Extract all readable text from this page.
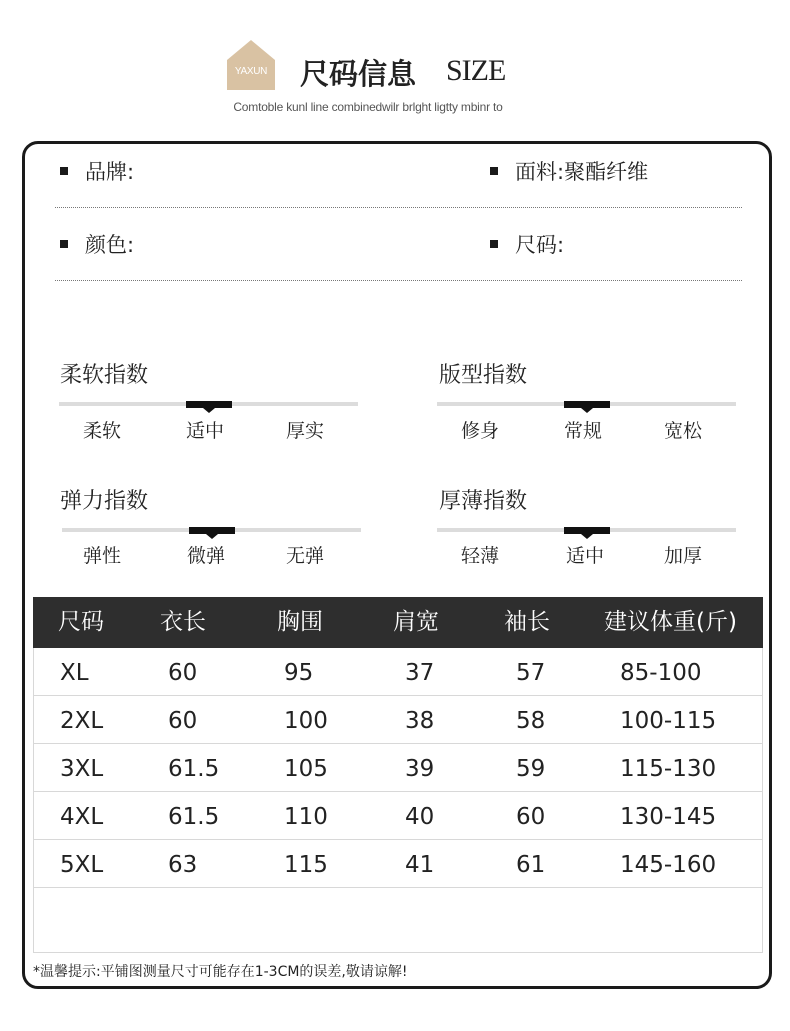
YAXUN 尺码信息 SIZE
Comtoble kunl line combinedwilr brlght ligtty mbinr to
品牌:	面料: 聚酯纤维
颜色:	尺码:
柔软指数
柔软	适中	厚实
版型指数
修身	常规	宽松
弹力指数
弹性	微弹	无弹
厚薄指数
轻薄	适中	加厚
尺码 衣长	胸围	肩宽	袖长 建议体重(斤)
XL	60	95	37	57	85-100
2XL	60	100	38	58	100-115
3XL	61.5	105	39	59	115-130
4XL	61.5	110	40	60	130-145
5XL	63	115	41	61	145-160
*温馨提示:平铺图测量尺寸可能存在1-3CM的误差,敬请谅解!
